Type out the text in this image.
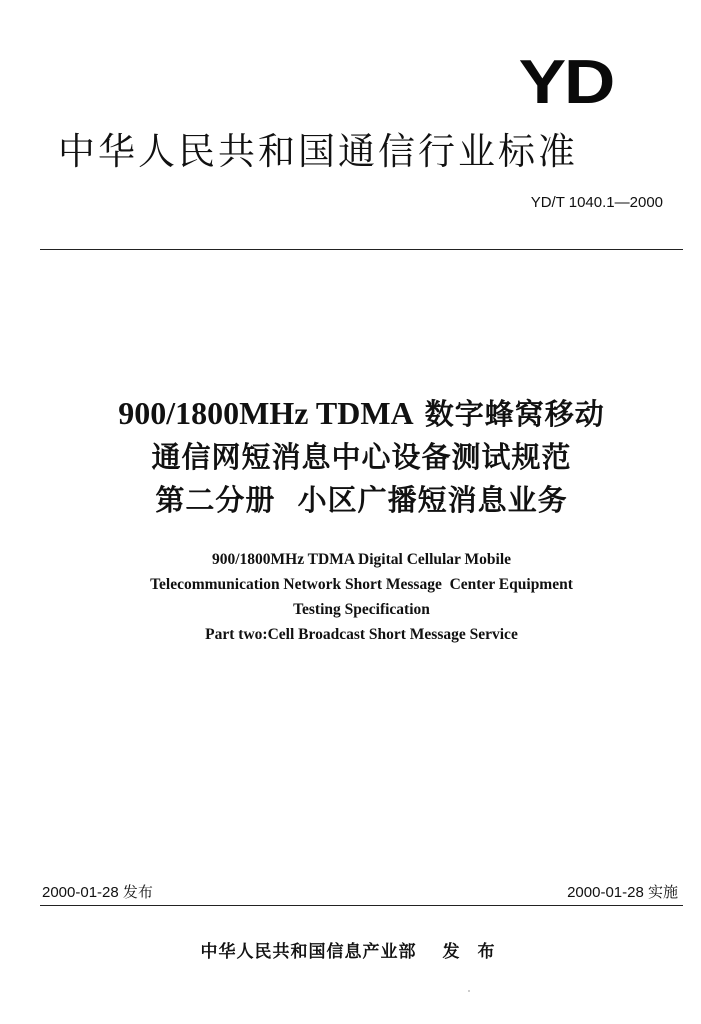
YD
中华人民共和国通信行业标准
YD/T 1040.1—2000
900/1800MHz TDMA 数字蜂窝移动
通信网短消息中心设备测试规范
第二分册  小区广播短消息业务
900/1800MHz TDMA Digital Cellular Mobile
Telecommunication Network Short Message  Center Equipment
Testing Specification
Part two:Cell Broadcast Short Message Service
2000-01-28 发布	2000-01-28 实施
中华人民共和国信息产业部 发 布
